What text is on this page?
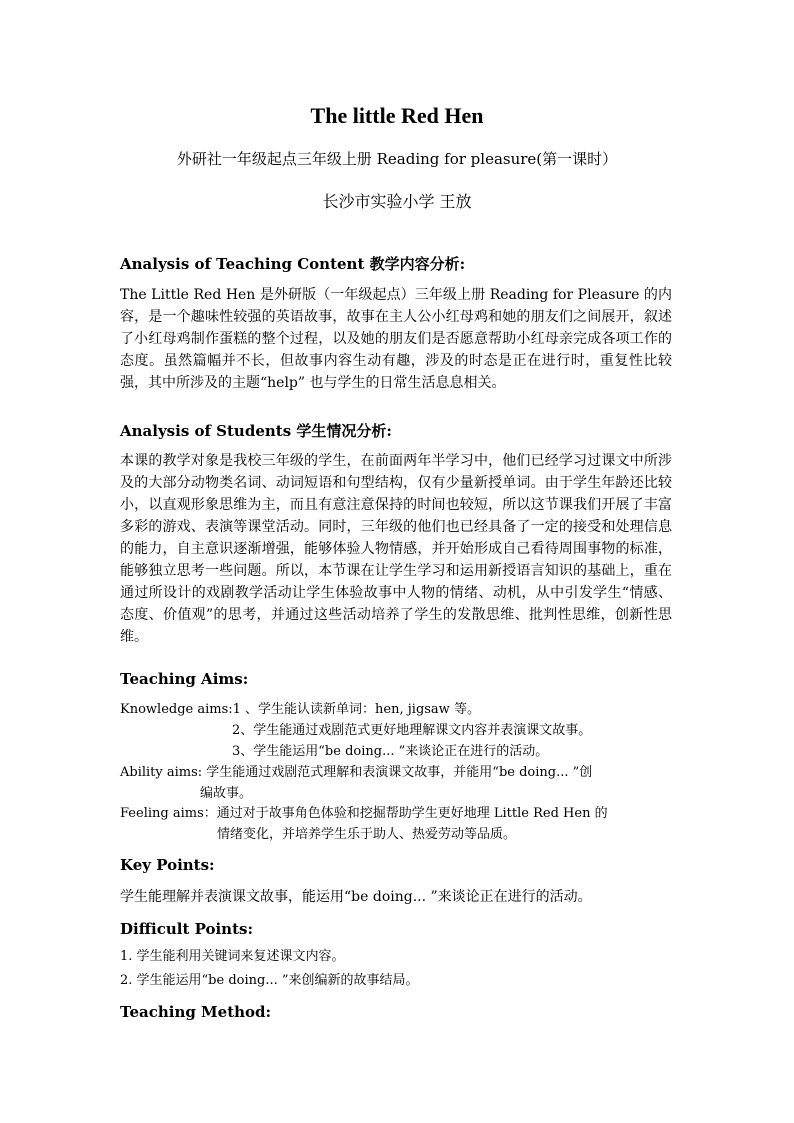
The little Red Hen
外研社一年级起点三年级上册 Reading for pleasure(第一课时）
长沙市实验小学 王放
Analysis of Teaching Content 教学内容分析:

The Little Red Hen 是外研版（一年级起点）三年级上册 Reading for Pleasure 的内容，是一个趣味性较强的英语故事，故事在主人公小红母鸡和她的朋友们之间展开，叙述了小红母鸡制作蛋糕的整个过程，以及她的朋友们是否愿意帮助小红母亲完成各项工作的态度。虽然篇幅并不长，但故事内容生动有趣，涉及的时态是正在进行时，重复性比较强，其中所涉及的主题“help” 也与学生的日常生活息息相关。

Analysis of Students 学生情况分析:

本课的教学对象是我校三年级的学生，在前面两年半学习中，他们已经学习过课文中所涉及的大部分动物类名词、动词短语和句型结构，仅有少量新授单词。由于学生年龄还比较小，以直观形象思维为主，而且有意注意保持的时间也较短，所以这节课我们开展了丰富多彩的游戏、表演等课堂活动。同时，三年级的他们也已经具备了一定的接受和处理信息的能力，自主意识逐渐增强，能够体验人物情感，并开始形成自己看待周围事物的标准，能够独立思考一些问题。所以，本节课在让学生学习和运用新授语言知识的基础上，重在通过所设计的戏剧教学活动让学生体验故事中人物的情绪、动机，从中引发学生“情感、态度、价值观”的思考，并通过这些活动培养了学生的发散思维、批判性思维，创新性思维。

Teaching Aims:
Knowledge aims:1 、学生能认读新单词：hen, jigsaw 等。
2、学生能通过戏剧范式更好地理解课文内容并表演课文故事。
3、学生能运用“be doing... ”来谈论正在进行的活动。
Ability aims: 学生能通过戏剧范式理解和表演课文故事，并能用“be doing... ”创
编故事。
Feeling aims：通过对于故事角色体验和挖掘帮助学生更好地理 Little Red Hen 的
情绪变化，并培养学生乐于助人、热爱劳动等品质。
Key Points:
学生能理解并表演课文故事，能运用“be doing... ”来谈论正在进行的活动。
Difficult Points:
1. 学生能利用关键词来复述课文内容。
2. 学生能运用“be doing... ”来创编新的故事结局。
Teaching Method:
